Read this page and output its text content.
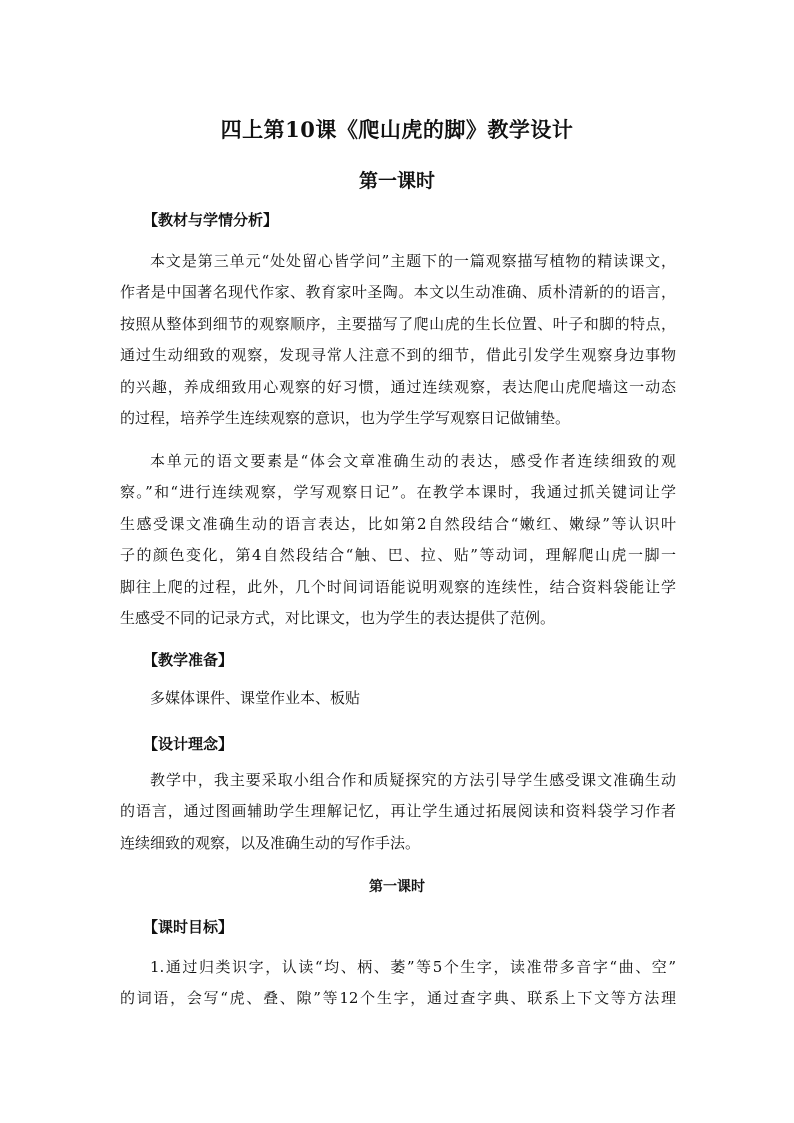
四上第10课《爬山虎的脚》教学设计
第一课时
【教材与学情分析】
本文是第三单元“处处留心皆学问”主题下的一篇观察描写植物的精读课文，
作者是中国著名现代作家、教育家叶圣陶。本文以生动准确、质朴清新的的语言，
按照从整体到细节的观察顺序，主要描写了爬山虎的生长位置、叶子和脚的特点，
通过生动细致的观察，发现寻常人注意不到的细节，借此引发学生观察身边事物
的兴趣，养成细致用心观察的好习惯，通过连续观察，表达爬山虎爬墙这一动态
的过程，培养学生连续观察的意识，也为学生学写观察日记做铺垫。
本单元的语文要素是“体会文章准确生动的表达，感受作者连续细致的观
察。”和“进行连续观察，学写观察日记”。在教学本课时，我通过抓关键词让学
生感受课文准确生动的语言表达，比如第2自然段结合“嫩红、嫩绿”等认识叶
子的颜色变化，第4自然段结合“触、巴、拉、贴”等动词，理解爬山虎一脚一
脚往上爬的过程，此外，几个时间词语能说明观察的连续性，结合资料袋能让学
生感受不同的记录方式，对比课文，也为学生的表达提供了范例。
【教学准备】
多媒体课件、课堂作业本、板贴
【设计理念】
教学中，我主要采取小组合作和质疑探究的方法引导学生感受课文准确生动
的语言，通过图画辅助学生理解记忆，再让学生通过拓展阅读和资料袋学习作者
连续细致的观察，以及准确生动的写作手法。
第一课时
【课时目标】
1.通过归类识字，认读“均、柄、萎”等5个生字，读准带多音字“曲、空”
的词语，会写“虎、叠、隙”等12个生字，通过查字典、联系上下文等方法理
